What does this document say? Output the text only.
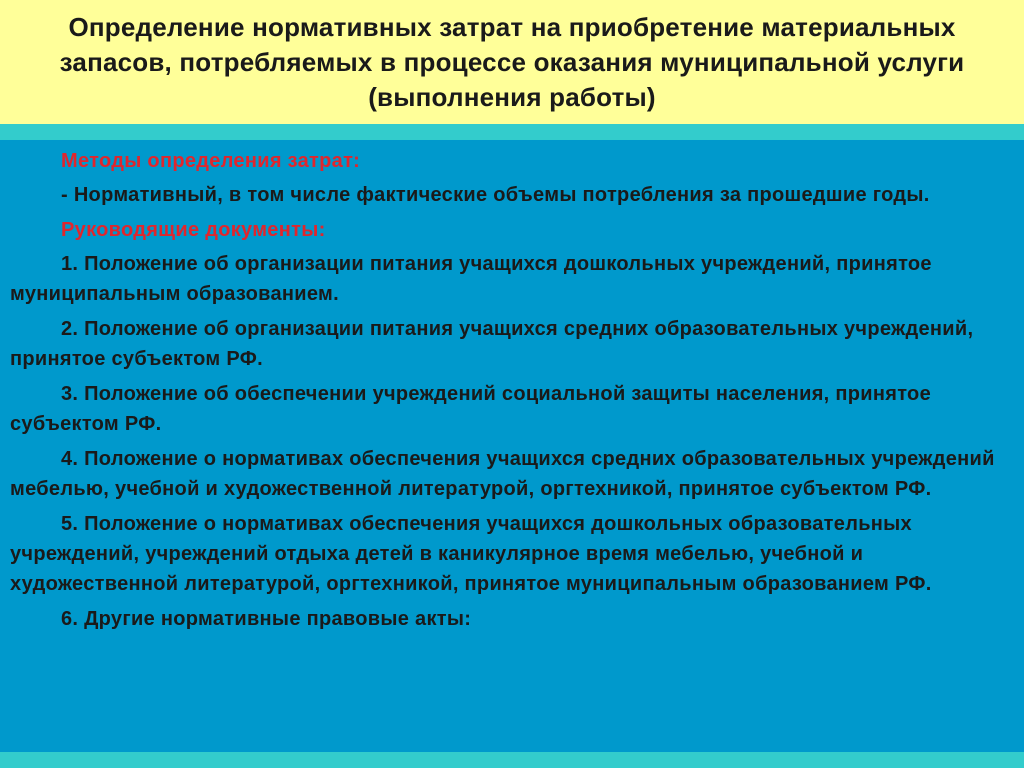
Определение нормативных затрат на приобретение материальных запасов, потребляемых в процессе оказания муниципальной услуги (выполнения работы)

Методы определения затрат:

- Нормативный, в том числе фактические объемы потребления за прошедшие годы.

Руководящие документы:

1. Положение об организации питания учащихся дошкольных учреждений, принятое муниципальным образованием.

2. Положение об организации питания учащихся средних образовательных учреждений, принятое субъектом РФ.

3. Положение об обеспечении учреждений социальной защиты населения, принятое субъектом РФ.

4. Положение о нормативах обеспечения учащихся средних образовательных учреждений мебелью, учебной и художественной литературой, оргтехникой, принятое субъектом РФ.

5. Положение о нормативах обеспечения учащихся дошкольных образовательных учреждений, учреждений отдыха детей в каникулярное время мебелью, учебной и художественной литературой, оргтехникой, принятое муниципальным образованием РФ.

6. Другие нормативные правовые акты:
